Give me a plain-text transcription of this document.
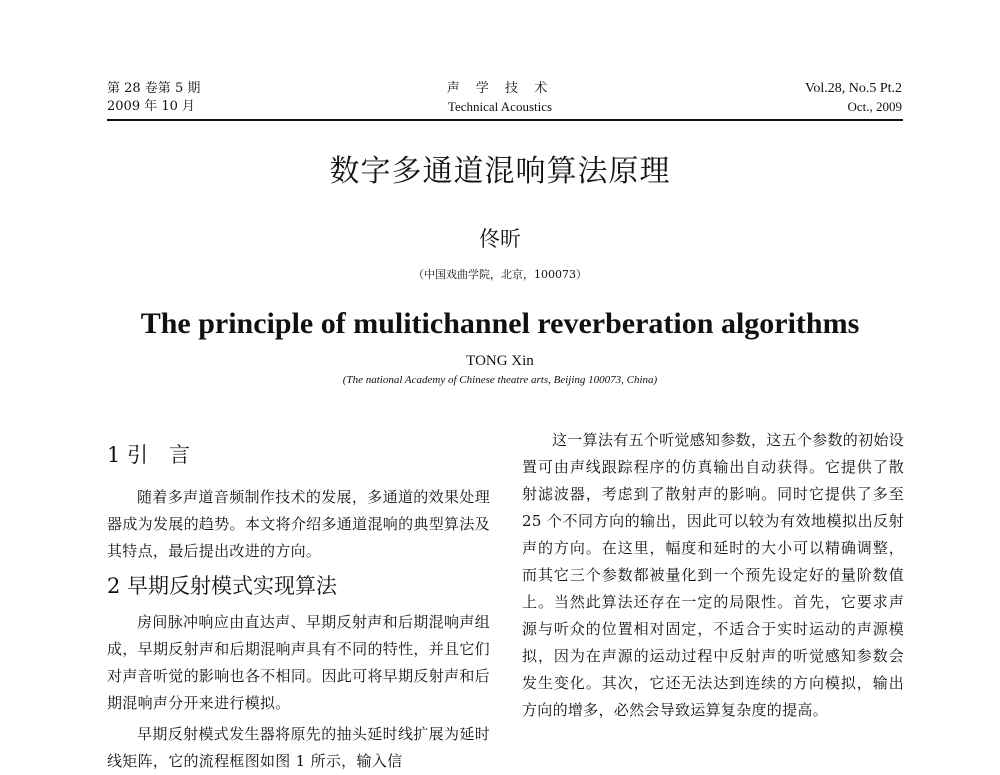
第 28 卷第 5 期
2009 年 10 月
声 学 技 术
Technical Acoustics
Vol.28, No.5 Pt.2
Oct., 2009
数字多通道混响算法原理
佟昕
（中国戏曲学院，北京，100073）
The principle of mulitichannel reverberation algorithms
TONG Xin
(The national Academy of Chinese theatre arts, Beijing 100073, China)
1 引　言

随着多声道音频制作技术的发展，多通道的效果处理器成为发展的趋势。本文将介绍多通道混响的典型算法及其特点，最后提出改进的方向。

2 早期反射模式实现算法

房间脉冲响应由直达声、早期反射声和后期混响声组成，早期反射声和后期混响声具有不同的特性，并且它们对声音听觉的影响也各不相同。因此可将早期反射声和后期混响声分开来进行模拟。

早期反射模式发生器将原先的抽头延时线扩展为延时线矩阵，它的流程框图如图 1 所示，输入信

这一算法有五个听觉感知参数，这五个参数的初始设置可由声线跟踪程序的仿真输出自动获得。它提供了散射滤波器，考虑到了散射声的影响。同时它提供了多至 25 个不同方向的输出，因此可以较为有效地模拟出反射声的方向。在这里，幅度和延时的大小可以精确调整，而其它三个参数都被量化到一个预先设定好的量阶数值上。当然此算法还存在一定的局限性。首先，它要求声源与听众的位置相对固定，不适合于实时运动的声源模拟，因为在声源的运动过程中反射声的听觉感知参数会发生变化。其次，它还无法达到连续的方向模拟，输出方向的增多，必然会导致运算复杂度的提高。
